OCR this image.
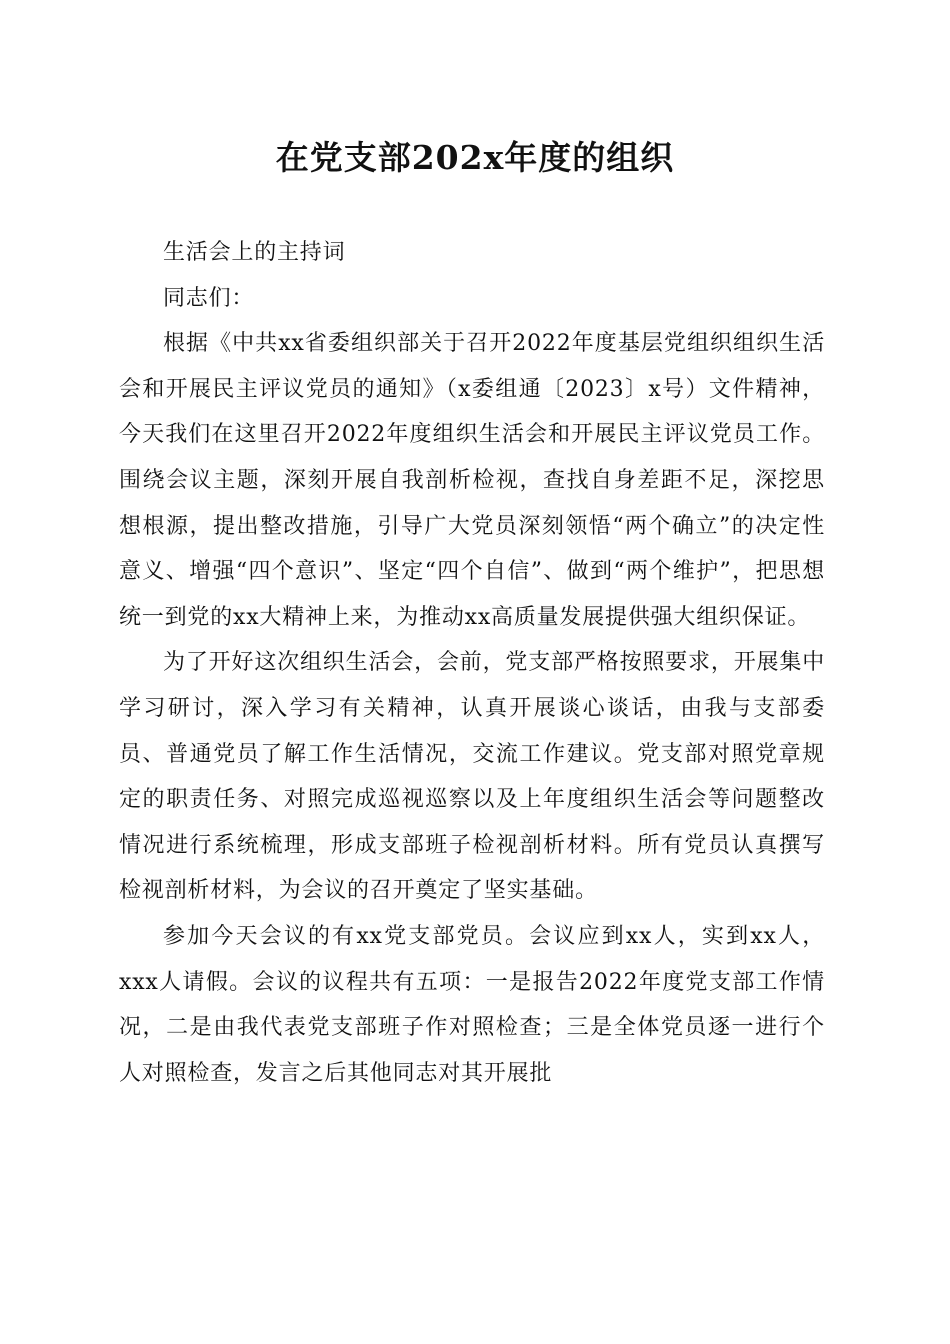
在党支部202x年度的组织

生活会上的主持词

同志们：

根据《中共xx省委组织部关于召开2022年度基层党组织组织生活会和开展民主评议党员的通知》（x委组通〔2023〕x号）文件精神，今天我们在这里召开2022年度组织生活会和开展民主评议党员工作。围绕会议主题，深刻开展自我剖析检视，查找自身差距不足，深挖思想根源，提出整改措施，引导广大党员深刻领悟“两个确立”的决定性意义、增强“四个意识”、坚定“四个自信”、做到“两个维护”，把思想统一到党的xx大精神上来，为推动xx高质量发展提供强大组织保证。

为了开好这次组织生活会，会前，党支部严格按照要求，开展集中学习研讨，深入学习有关精神，认真开展谈心谈话，由我与支部委员、普通党员了解工作生活情况，交流工作建议。党支部对照党章规定的职责任务、对照完成巡视巡察以及上年度组织生活会等问题整改情况进行系统梳理，形成支部班子检视剖析材料。所有党员认真撰写检视剖析材料，为会议的召开奠定了坚实基础。

参加今天会议的有xx党支部党员。会议应到xx人，实到xx人，xxx人请假。会议的议程共有五项：一是报告2022年度党支部工作情况，二是由我代表党支部班子作对照检查；三是全体党员逐一进行个人对照检查，发言之后其他同志对其开展批
